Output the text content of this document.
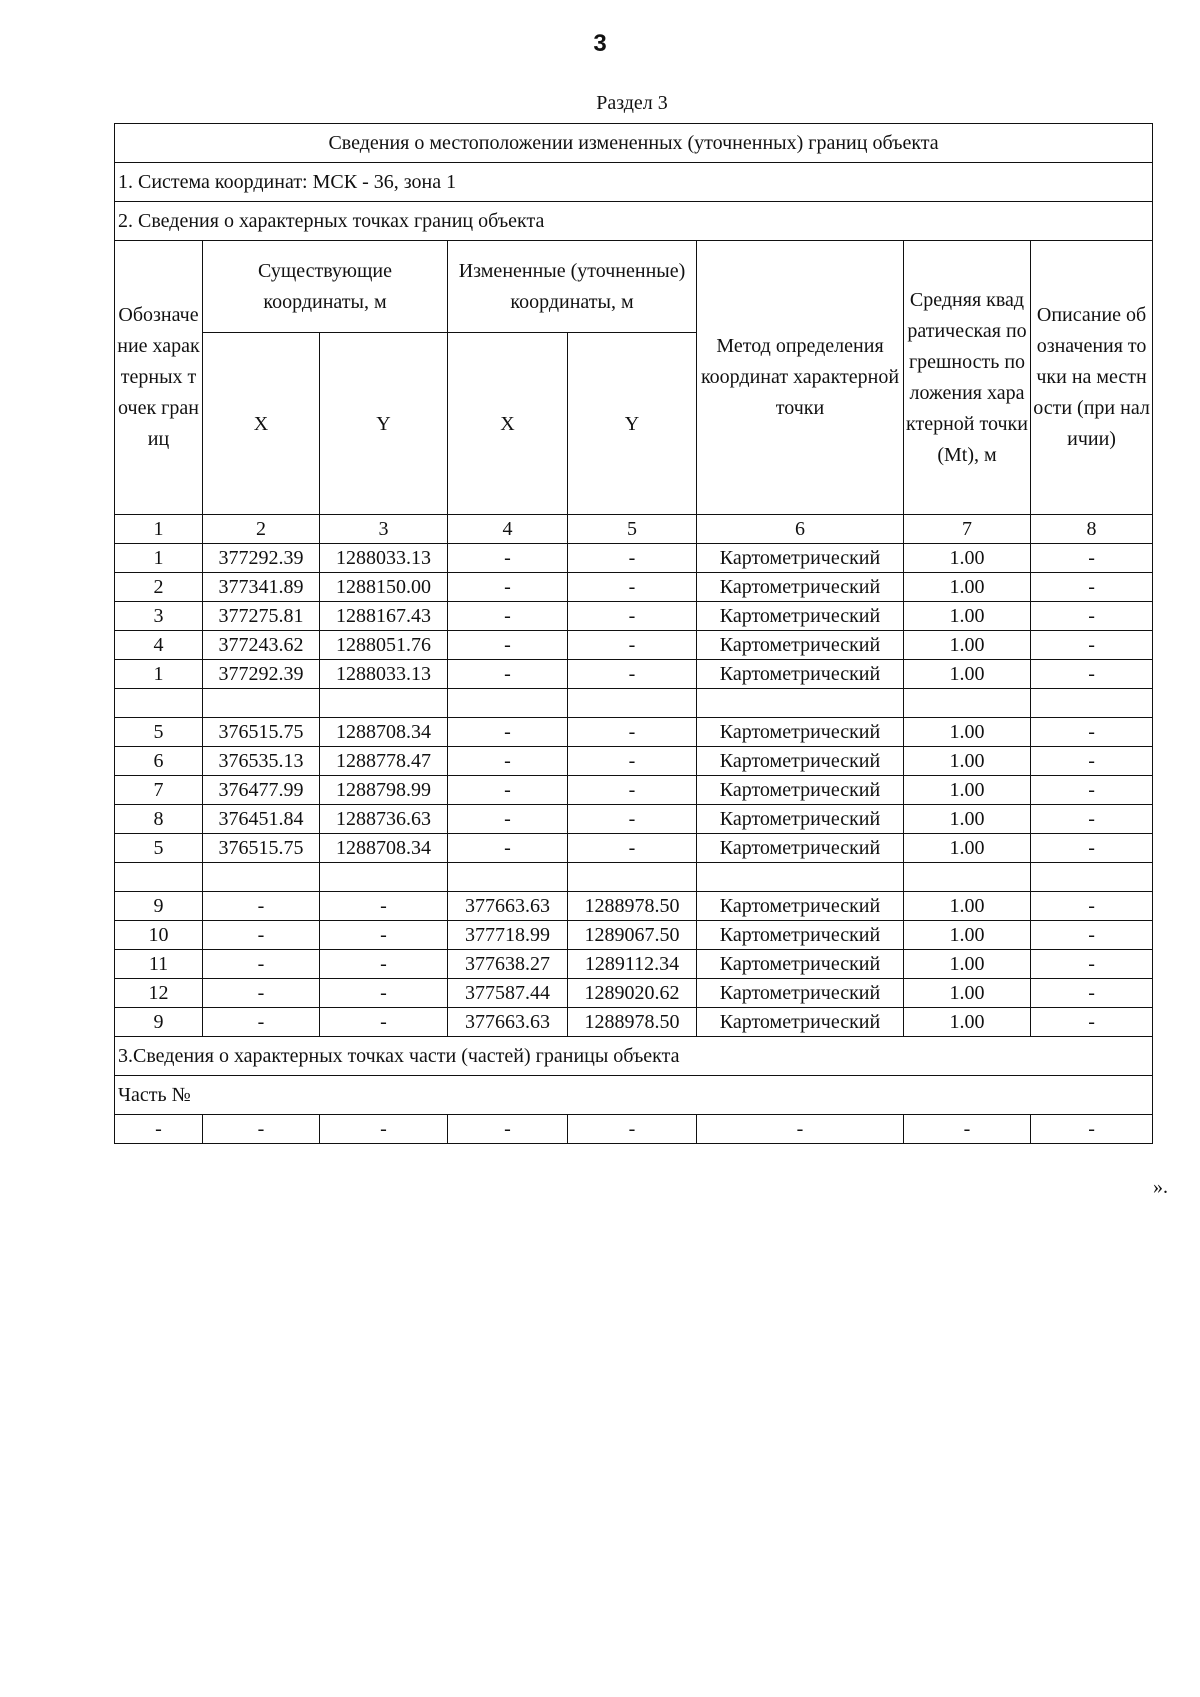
3
Раздел 3
Сведения о местоположении измененных (уточненных) границ объекта							
1. Система координат: МСК - 36, зона 1							
2. Сведения о характерных точках границ объекта							
Обозначение характерных точек границ	Существующие координаты, м		Измененные (уточненные) координаты, м		Метод определения координат характерной точки	Средняя квадратическая погрешность положения характерной точки (Mt), м	Описание обозначения точки на местности (при наличии)
	X	Y	X	Y			
1	2	3	4	5	6	7	8
1	377292.39	1288033.13	-	-	Картометрический	1.00	-
2	377341.89	1288150.00	-	-	Картометрический	1.00	-
3	377275.81	1288167.43	-	-	Картометрический	1.00	-
4	377243.62	1288051.76	-	-	Картометрический	1.00	-
1	377292.39	1288033.13	-	-	Картометрический	1.00	-

5	376515.75	1288708.34	-	-	Картометрический	1.00	-
6	376535.13	1288778.47	-	-	Картометрический	1.00	-
7	376477.99	1288798.99	-	-	Картометрический	1.00	-
8	376451.84	1288736.63	-	-	Картометрический	1.00	-
5	376515.75	1288708.34	-	-	Картометрический	1.00	-

9	-	-	377663.63	1288978.50	Картометрический	1.00	-
10	-	-	377718.99	1289067.50	Картометрический	1.00	-
11	-	-	377638.27	1289112.34	Картометрический	1.00	-
12	-	-	377587.44	1289020.62	Картометрический	1.00	-
9	-	-	377663.63	1288978.50	Картометрический	1.00	-
3.Сведения о характерных точках части (частей) границы объекта							
Часть №							
-	-	-	-	-	-	-	-
».
